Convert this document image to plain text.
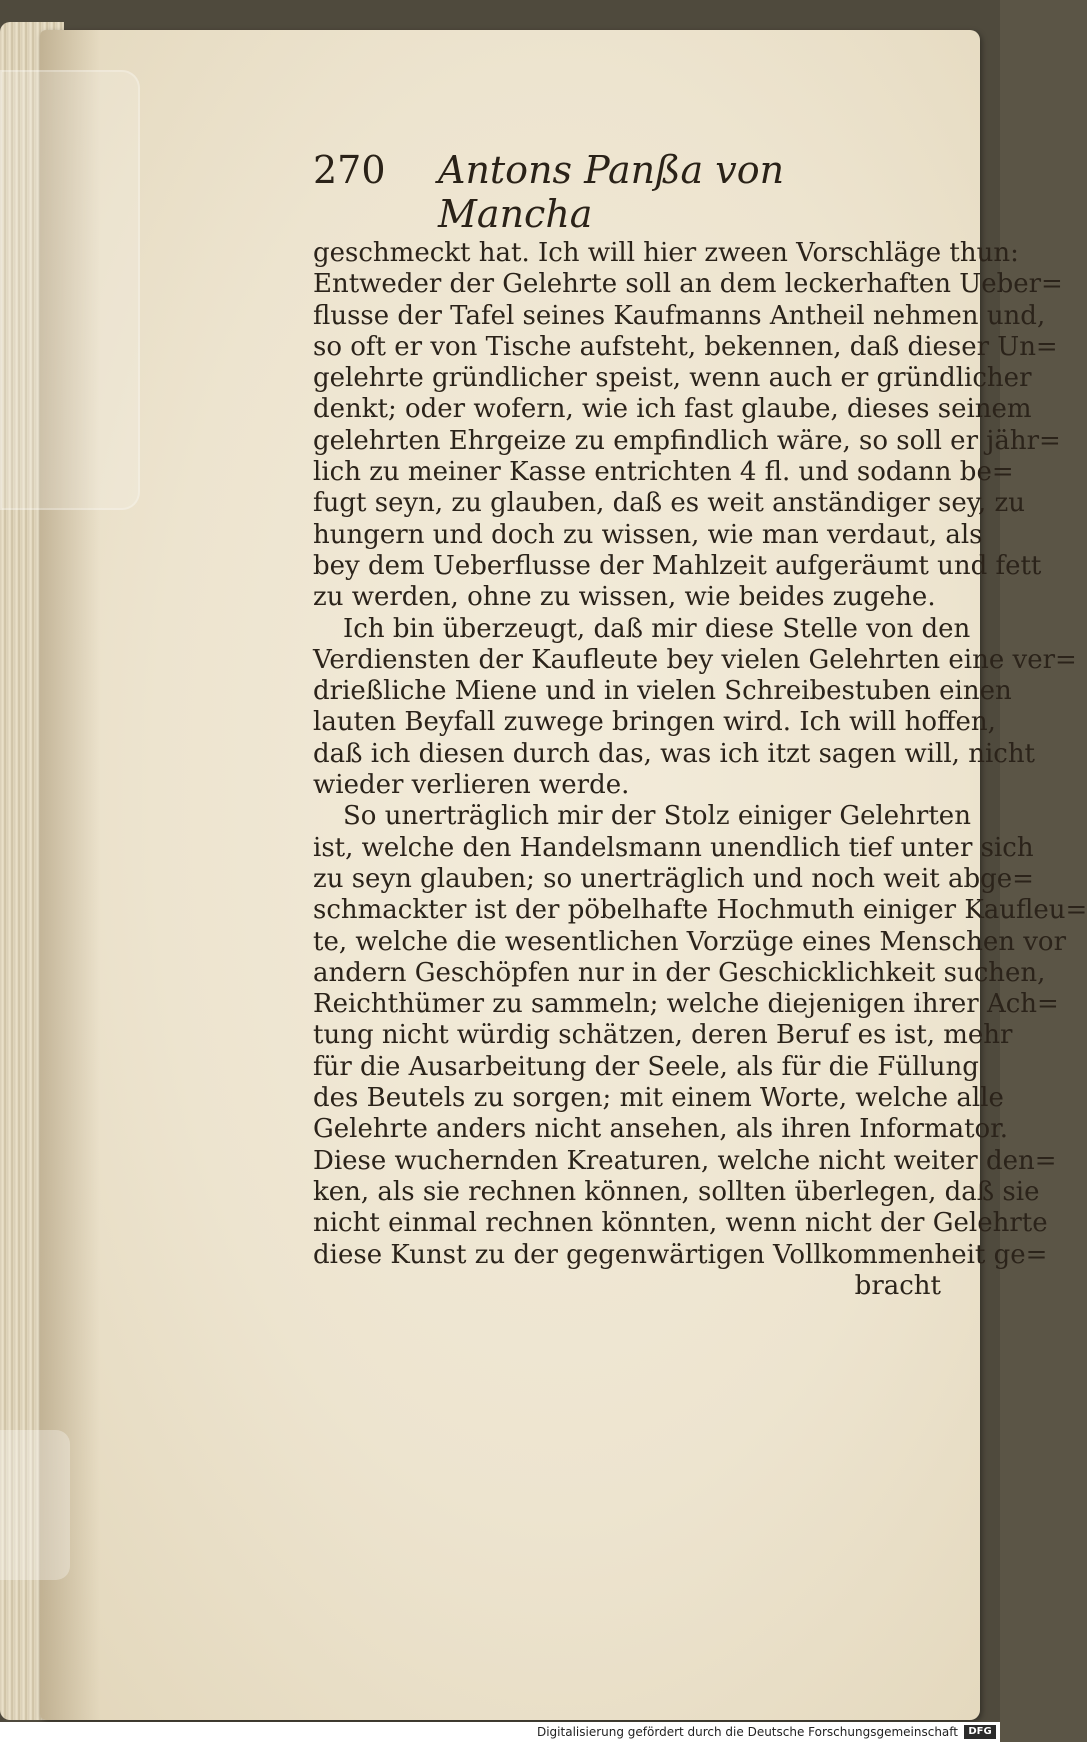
270 Antons Panßa von Mancha
geschmeckt hat. Ich will hier zween Vorschläge thun:
Entweder der Gelehrte soll an dem leckerhaften Ueber=
flusse der Tafel seines Kaufmanns Antheil nehmen und,
so oft er von Tische aufsteht, bekennen, daß dieser Un=
gelehrte gründlicher speist, wenn auch er gründlicher
denkt; oder wofern, wie ich fast glaube, dieses seinem
gelehrten Ehrgeize zu empfindlich wäre, so soll er jähr=
lich zu meiner Kasse entrichten 4 fl. und sodann be=
fugt seyn, zu glauben, daß es weit anständiger sey, zu
hungern und doch zu wissen, wie man verdaut, als
bey dem Ueberflusse der Mahlzeit aufgeräumt und fett
zu werden, ohne zu wissen, wie beides zugehe.
Ich bin überzeugt, daß mir diese Stelle von den
Verdiensten der Kaufleute bey vielen Gelehrten eine ver=
drießliche Miene und in vielen Schreibestuben einen
lauten Beyfall zuwege bringen wird. Ich will hoffen,
daß ich diesen durch das, was ich itzt sagen will, nicht
wieder verlieren werde.
So unerträglich mir der Stolz einiger Gelehrten
ist, welche den Handelsmann unendlich tief unter sich
zu seyn glauben; so unerträglich und noch weit abge=
schmackter ist der pöbelhafte Hochmuth einiger Kaufleu=
te, welche die wesentlichen Vorzüge eines Menschen vor
andern Geschöpfen nur in der Geschicklichkeit suchen,
Reichthümer zu sammeln; welche diejenigen ihrer Ach=
tung nicht würdig schätzen, deren Beruf es ist, mehr
für die Ausarbeitung der Seele, als für die Füllung
des Beutels zu sorgen; mit einem Worte, welche alle
Gelehrte anders nicht ansehen, als ihren Informator.
Diese wuchernden Kreaturen, welche nicht weiter den=
ken, als sie rechnen können, sollten überlegen, daß sie
nicht einmal rechnen könnten, wenn nicht der Gelehrte
diese Kunst zu der gegenwärtigen Vollkommenheit ge=
bracht
Digitalisierung gefördert durch die Deutsche Forschungsgemeinschaft	DFG
